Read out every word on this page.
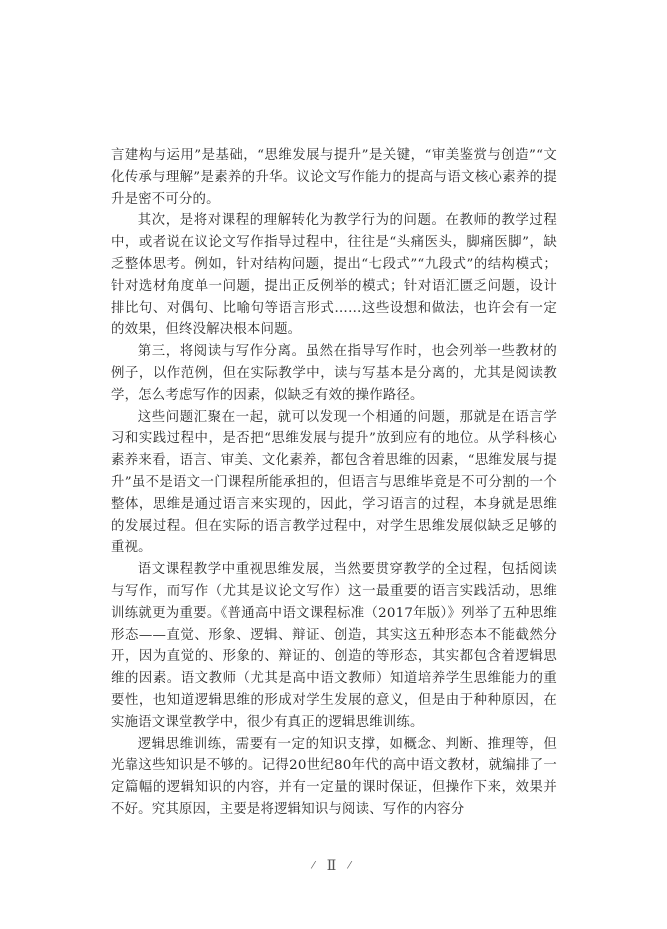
言建构与运用”是基础，“思维发展与提升”是关键，“审美鉴赏与创造”“文化传承与理解”是素养的升华。议论文写作能力的提高与语文核心素养的提升是密不可分的。

其次，是将对课程的理解转化为教学行为的问题。在教师的教学过程中，或者说在议论文写作指导过程中，往往是“头痛医头，脚痛医脚”，缺乏整体思考。例如，针对结构问题，提出“七段式”“九段式”的结构模式；针对选材角度单一问题，提出正反例举的模式；针对语汇匮乏问题，设计排比句、对偶句、比喻句等语言形式……这些设想和做法，也许会有一定的效果，但终没解决根本问题。

第三，将阅读与写作分离。虽然在指导写作时，也会列举一些教材的例子，以作范例，但在实际教学中，读与写基本是分离的，尤其是阅读教学，怎么考虑写作的因素，似缺乏有效的操作路径。

这些问题汇聚在一起，就可以发现一个相通的问题，那就是在语言学习和实践过程中，是否把“思维发展与提升”放到应有的地位。从学科核心素养来看，语言、审美、文化素养，都包含着思维的因素，“思维发展与提升”虽不是语文一门课程所能承担的，但语言与思维毕竟是不可分割的一个整体，思维是通过语言来实现的，因此，学习语言的过程，本身就是思维的发展过程。但在实际的语言教学过程中，对学生思维发展似缺乏足够的重视。

语文课程教学中重视思维发展，当然要贯穿教学的全过程，包括阅读与写作，而写作（尤其是议论文写作）这一最重要的语言实践活动，思维训练就更为重要。《普通高中语文课程标准（2017年版）》列举了五种思维形态——直觉、形象、逻辑、辩证、创造，其实这五种形态本不能截然分开，因为直觉的、形象的、辩证的、创造的等形态，其实都包含着逻辑思维的因素。语文教师（尤其是高中语文教师）知道培养学生思维能力的重要性，也知道逻辑思维的形成对学生发展的意义，但是由于种种原因，在实施语文课堂教学中，很少有真正的逻辑思维训练。

逻辑思维训练，需要有一定的知识支撑，如概念、判断、推理等，但光靠这些知识是不够的。记得20世纪80年代的高中语文教材，就编排了一定篇幅的逻辑知识的内容，并有一定量的课时保证，但操作下来，效果并不好。究其原因，主要是将逻辑知识与阅读、写作的内容分

⁄ Ⅱ ⁄
